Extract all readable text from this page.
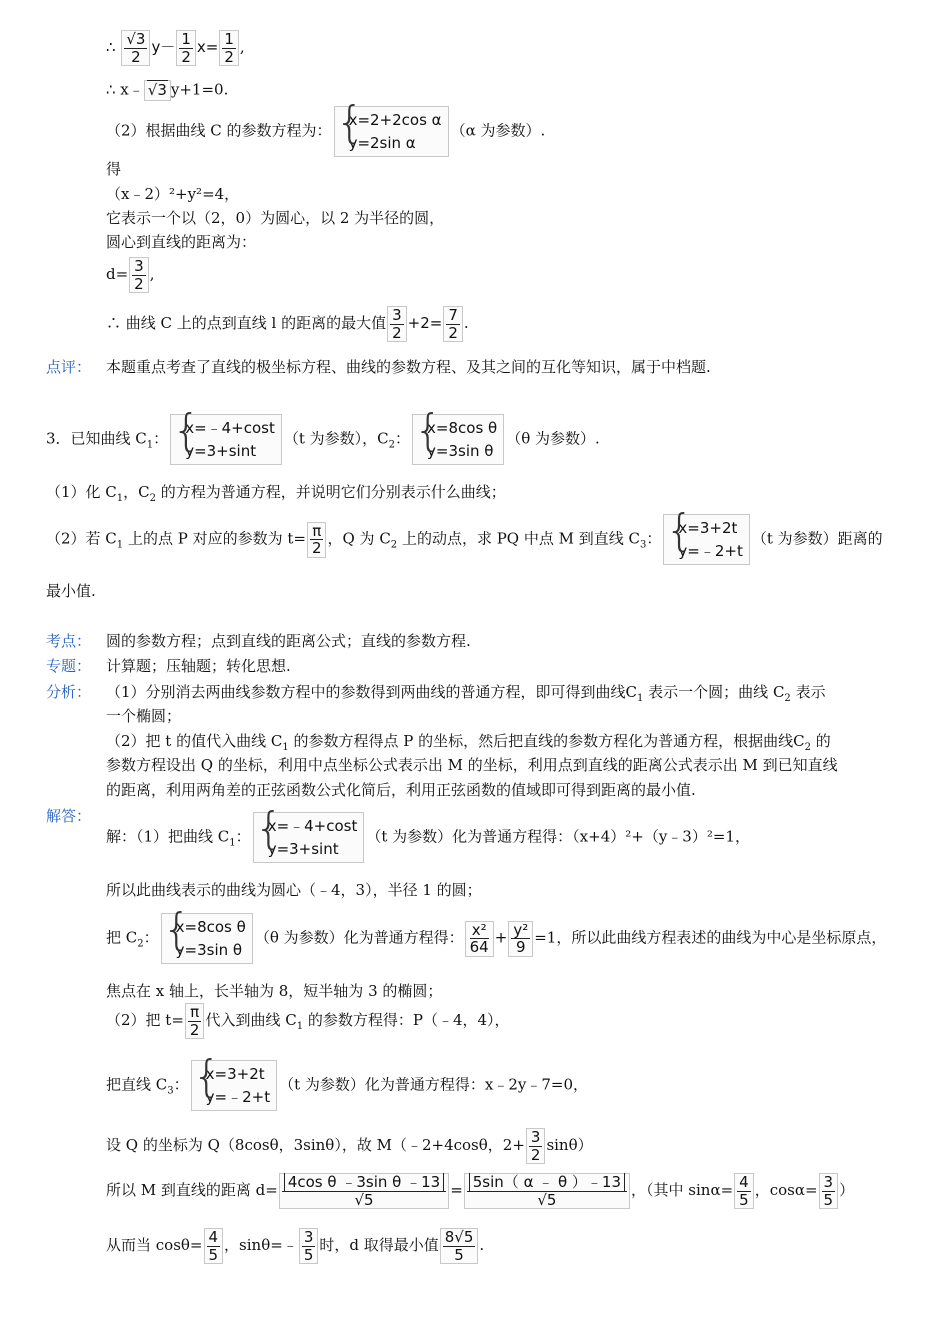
∴ $\frac{√3}{2} y- \frac{1}{2} x= \frac{1}{2}$ ,
∴ x﹣ √3 y+1=0.
（2）根据曲线 C 的参数方程为：
{ x=2+2cos α
y=2sin α
（α 为参数）.
得
（x﹣2）²+y²=4，
它表示一个以（2，0）为圆心，以 2 为半径的圆，
圆心到直线的距离为：
$d= \frac{3}{2}$ ,
∴ 曲线 C 上的点到直线 l 的距离的最大值 $\frac{3}{2} +2= \frac{7}{2}$ .
点评： 本题重点考查了直线的极坐标方程、曲线的参数方程、及其之间的互化等知识，属于中档题.
3．已知曲线 $C_1$：
{ x=﹣4+cost
y=3+sint
（t 为参数），$C_2$：
{ x=8cos θ
y=3sin θ
（θ 为参数）.
（1）化 $C_1$，$C_2$ 的方程为普通方程，并说明它们分别表示什么曲线；
（2）若 $C_1$ 上的点 P 对应的参数为 $t= \frac{\pi}{2}$ ，Q 为 $C_2$ 上的动点，求 PQ 中点 M 到直线 $C_3$：
{ x=3+2t
y=﹣2+t
（t 为参数）距离的
最小值.
考点： 圆的参数方程；点到直线的距离公式；直线的参数方程.
专题： 计算题；压轴题；转化思想.
分析： （1）分别消去两曲线参数方程中的参数得到两曲线的普通方程，即可得到曲线$C_1$ 表示一个圆；曲线 $C_2$ 表示
一个椭圆；
（2）把 t 的值代入曲线 $C_1$ 的参数方程得点 P 的坐标，然后把直线的参数方程化为普通方程，根据曲线$C_2$ 的
参数方程设出 Q 的坐标，利用中点坐标公式表示出 M 的坐标，利用点到直线的距离公式表示出 M 到已知直线
的距离，利用两角差的正弦函数公式化简后，利用正弦函数的值域即可得到距离的最小值.
解答：
解：（1）把曲线 $C_1$：
{ x=﹣4+cost
y=3+sint
（t 为参数）化为普通方程得：（x+4）²+（y﹣3）²=1，
所以此曲线表示的曲线为圆心（﹣4，3），半径 1 的圆；
把 $C_2$：
{ x=8cos θ
y=3sin θ
（θ 为参数）化为普通方程得： $\frac{\text{x²}}{64} + \frac{\text{y²}}{9} =1$，所以此曲线方程表述的曲线为中心是坐标原点，
焦点在 x 轴上，长半轴为 8，短半轴为 3 的椭圆；
（2）把 $t= \frac{\pi}{2}$ 代入到曲线 $C_1$ 的参数方程得：P（﹣4，4），
把直线 $C_3$：
{ x=3+2t
y=﹣2+t
（t 为参数）化为普通方程得：x﹣2y﹣7=0，
设 Q 的坐标为 Q（8cosθ，3sinθ），故 M（﹣2+4cosθ，$2+ \frac{3}{2} \sin\theta$）
所以 M 到直线的距离 $d= \frac{\text{4cos θ ﹣3sin θ ﹣13}}{√5} = \frac{5\sin( \alpha ﹣ \theta )﹣13}{√5}$ ，（其中 $\sin\alpha= \frac{4}{5}$ ，$\cos\alpha= \frac{3}{5}$ ）
从而当 $\cos\theta= \frac{4}{5}$ ，sinθ=﹣ $\frac{3}{5}$ 时，d 取得最小值 $\frac{8√5}{5}$ .
